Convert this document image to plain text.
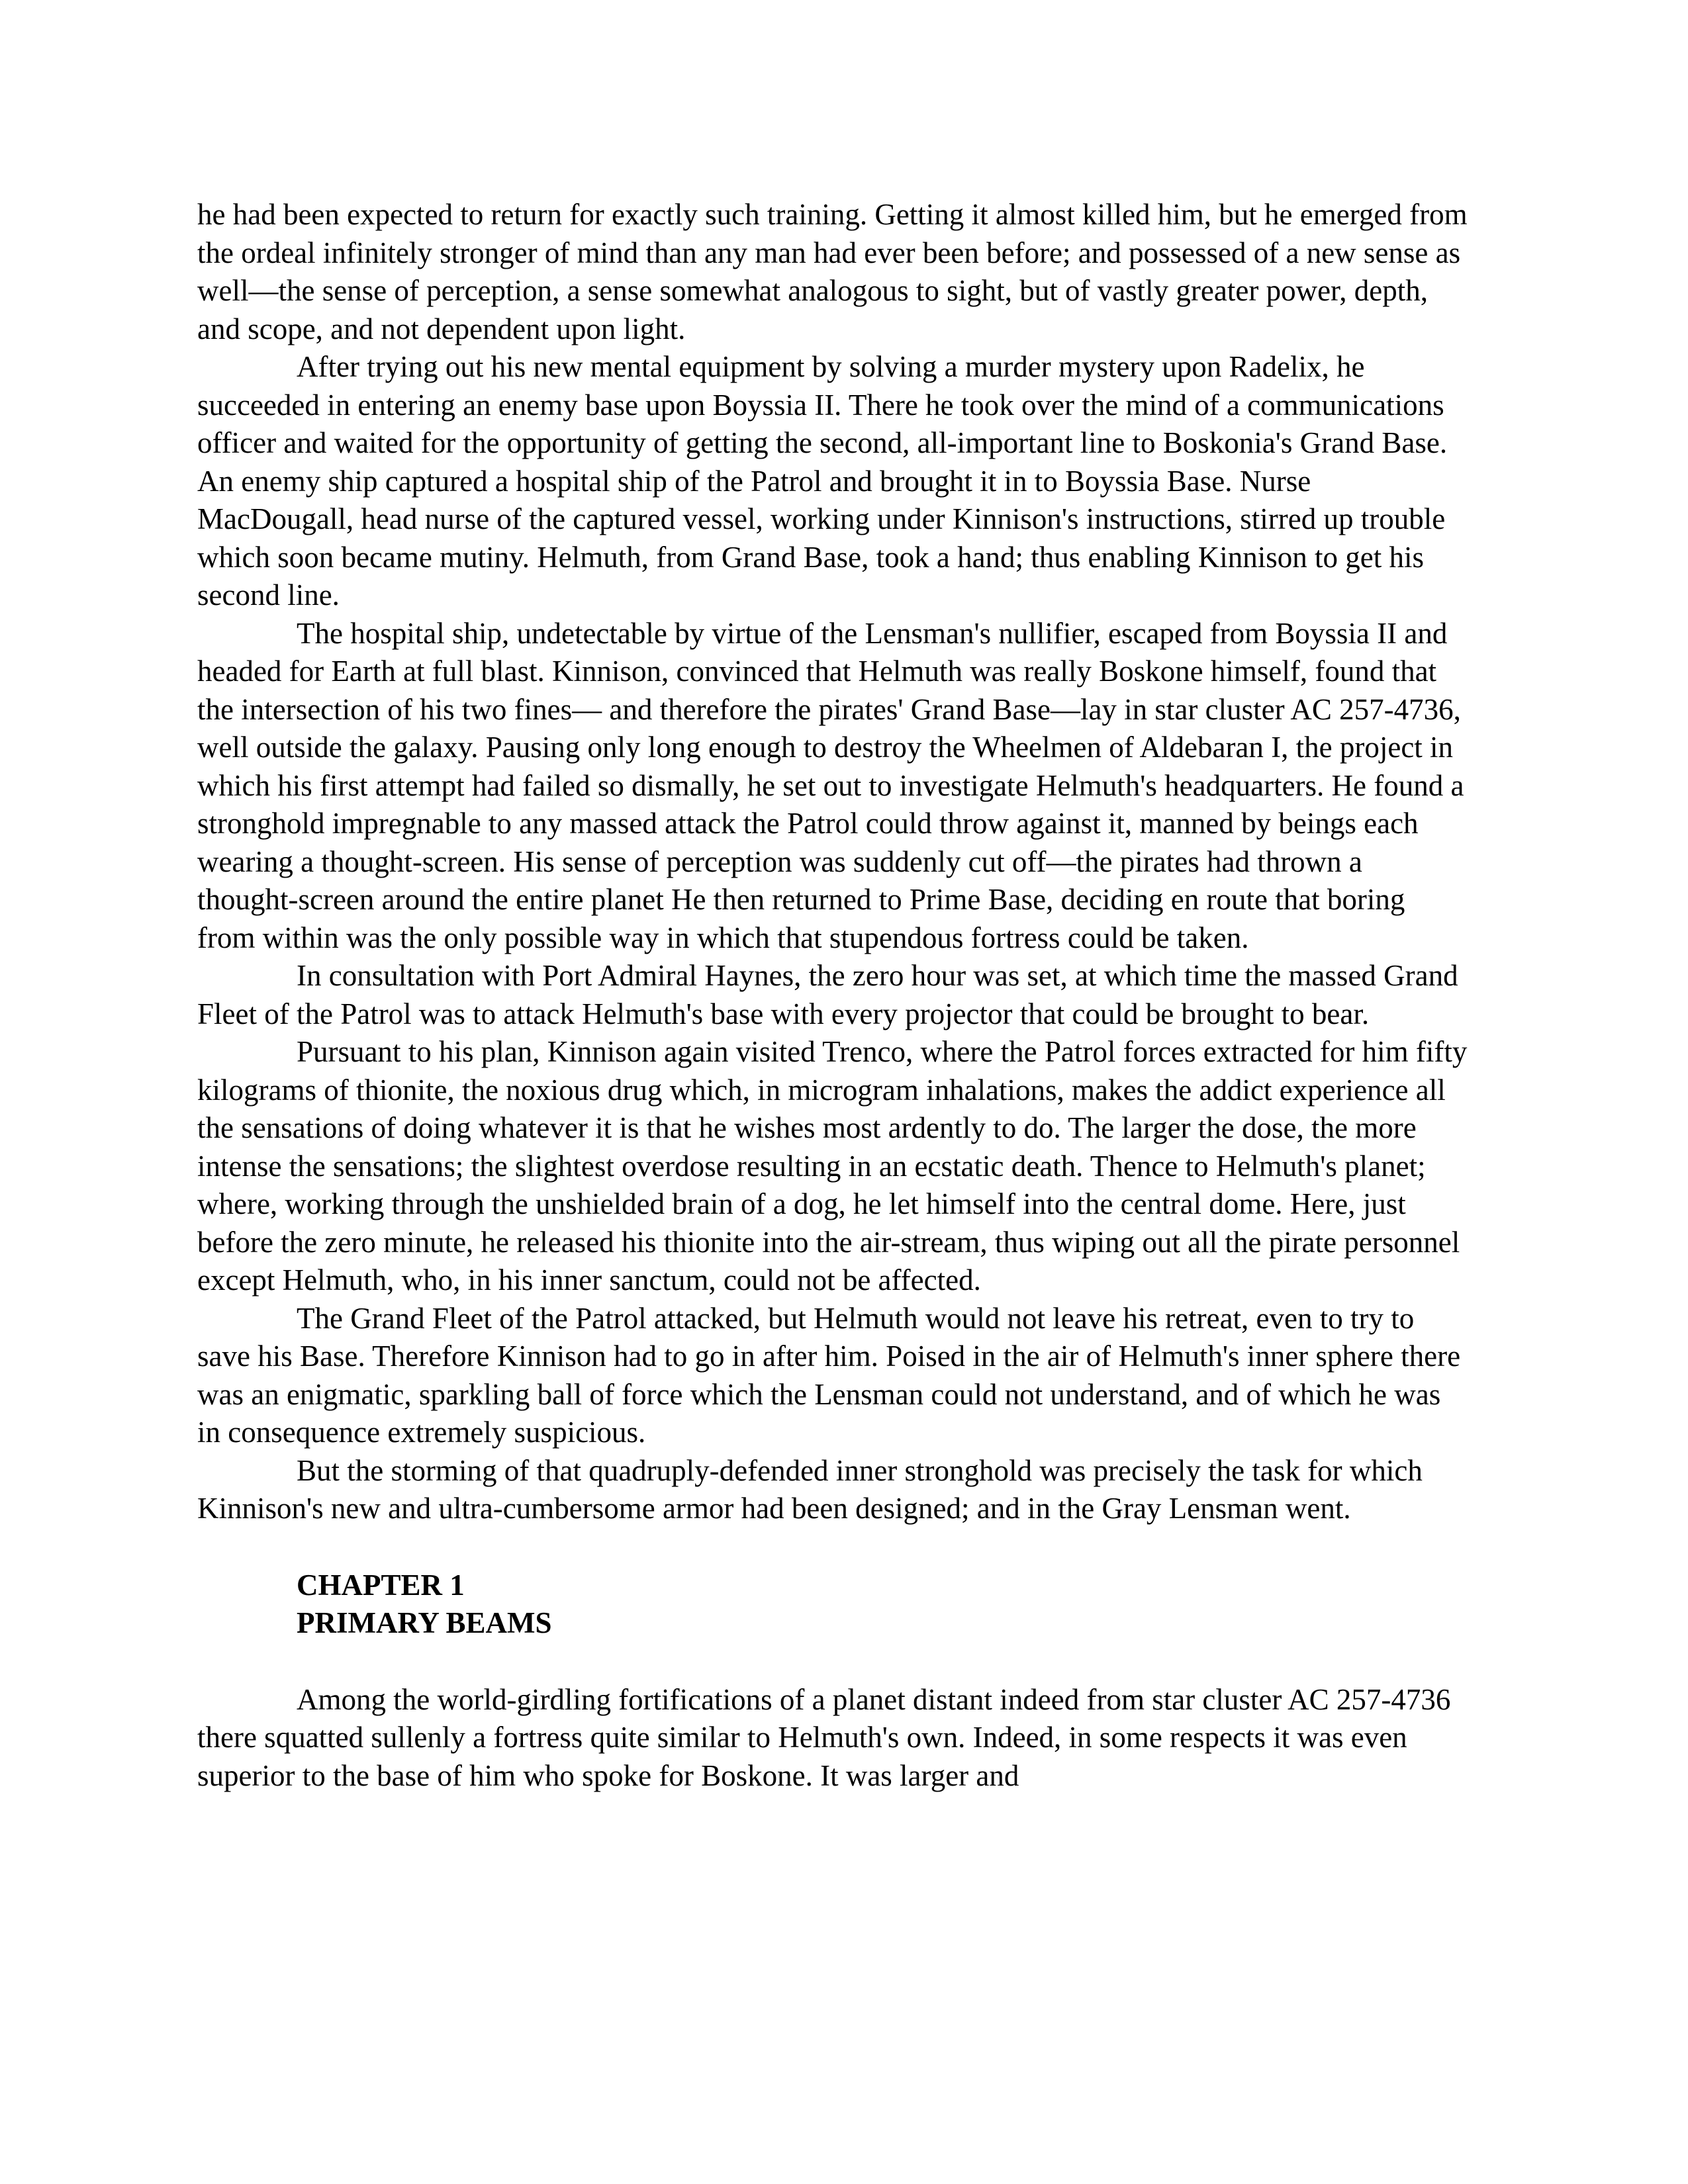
he had been expected to return for exactly such training. Getting it almost killed him, but he emerged from the ordeal infinitely stronger of mind than any man had ever been before; and possessed of a new sense as well—the sense of perception, a sense somewhat analogous to sight, but of vastly greater power, depth, and scope, and not dependent upon light.

After trying out his new mental equipment by solving a murder mystery upon Radelix, he succeeded in entering an enemy base upon Boyssia II. There he took over the mind of a communications officer and waited for the opportunity of getting the second, all-important line to Boskonia's Grand Base. An enemy ship captured a hospital ship of the Patrol and brought it in to Boyssia Base. Nurse MacDougall, head nurse of the captured vessel, working under Kinnison's instructions, stirred up trouble which soon became mutiny. Helmuth, from Grand Base, took a hand; thus enabling Kinnison to get his second line.

The hospital ship, undetectable by virtue of the Lensman's nullifier, escaped from Boyssia II and headed for Earth at full blast. Kinnison, convinced that Helmuth was really Boskone himself, found that the intersection of his two fines— and therefore the pirates' Grand Base—lay in star cluster AC 257-4736, well outside the galaxy. Pausing only long enough to destroy the Wheelmen of Aldebaran I, the project in which his first attempt had failed so dismally, he set out to investigate Helmuth's headquarters. He found a stronghold impregnable to any massed attack the Patrol could throw against it, manned by beings each wearing a thought-screen. His sense of perception was suddenly cut off—the pirates had thrown a thought-screen around the entire planet He then returned to Prime Base, deciding en route that boring from within was the only possible way in which that stupendous fortress could be taken.

In consultation with Port Admiral Haynes, the zero hour was set, at which time the massed Grand Fleet of the Patrol was to attack Helmuth's base with every projector that could be brought to bear.

Pursuant to his plan, Kinnison again visited Trenco, where the Patrol forces extracted for him fifty kilograms of thionite, the noxious drug which, in microgram inhalations, makes the addict experience all the sensations of doing whatever it is that he wishes most ardently to do. The larger the dose, the more intense the sensations; the slightest overdose resulting in an ecstatic death. Thence to Helmuth's planet; where, working through the unshielded brain of a dog, he let himself into the central dome. Here, just before the zero minute, he released his thionite into the air-stream, thus wiping out all the pirate personnel except Helmuth, who, in his inner sanctum, could not be affected.

The Grand Fleet of the Patrol attacked, but Helmuth would not leave his retreat, even to try to save his Base. Therefore Kinnison had to go in after him. Poised in the air of Helmuth's inner sphere there was an enigmatic, sparkling ball of force which the Lensman could not understand, and of which he was in consequence extremely suspicious.

But the storming of that quadruply-defended inner stronghold was precisely the task for which Kinnison's new and ultra-cumbersome armor had been designed; and in the Gray Lensman went.

CHAPTER 1
PRIMARY BEAMS

Among the world-girdling fortifications of a planet distant indeed from star cluster AC 257-4736 there squatted sullenly a fortress quite similar to Helmuth's own. Indeed, in some respects it was even superior to the base of him who spoke for Boskone. It was larger and
